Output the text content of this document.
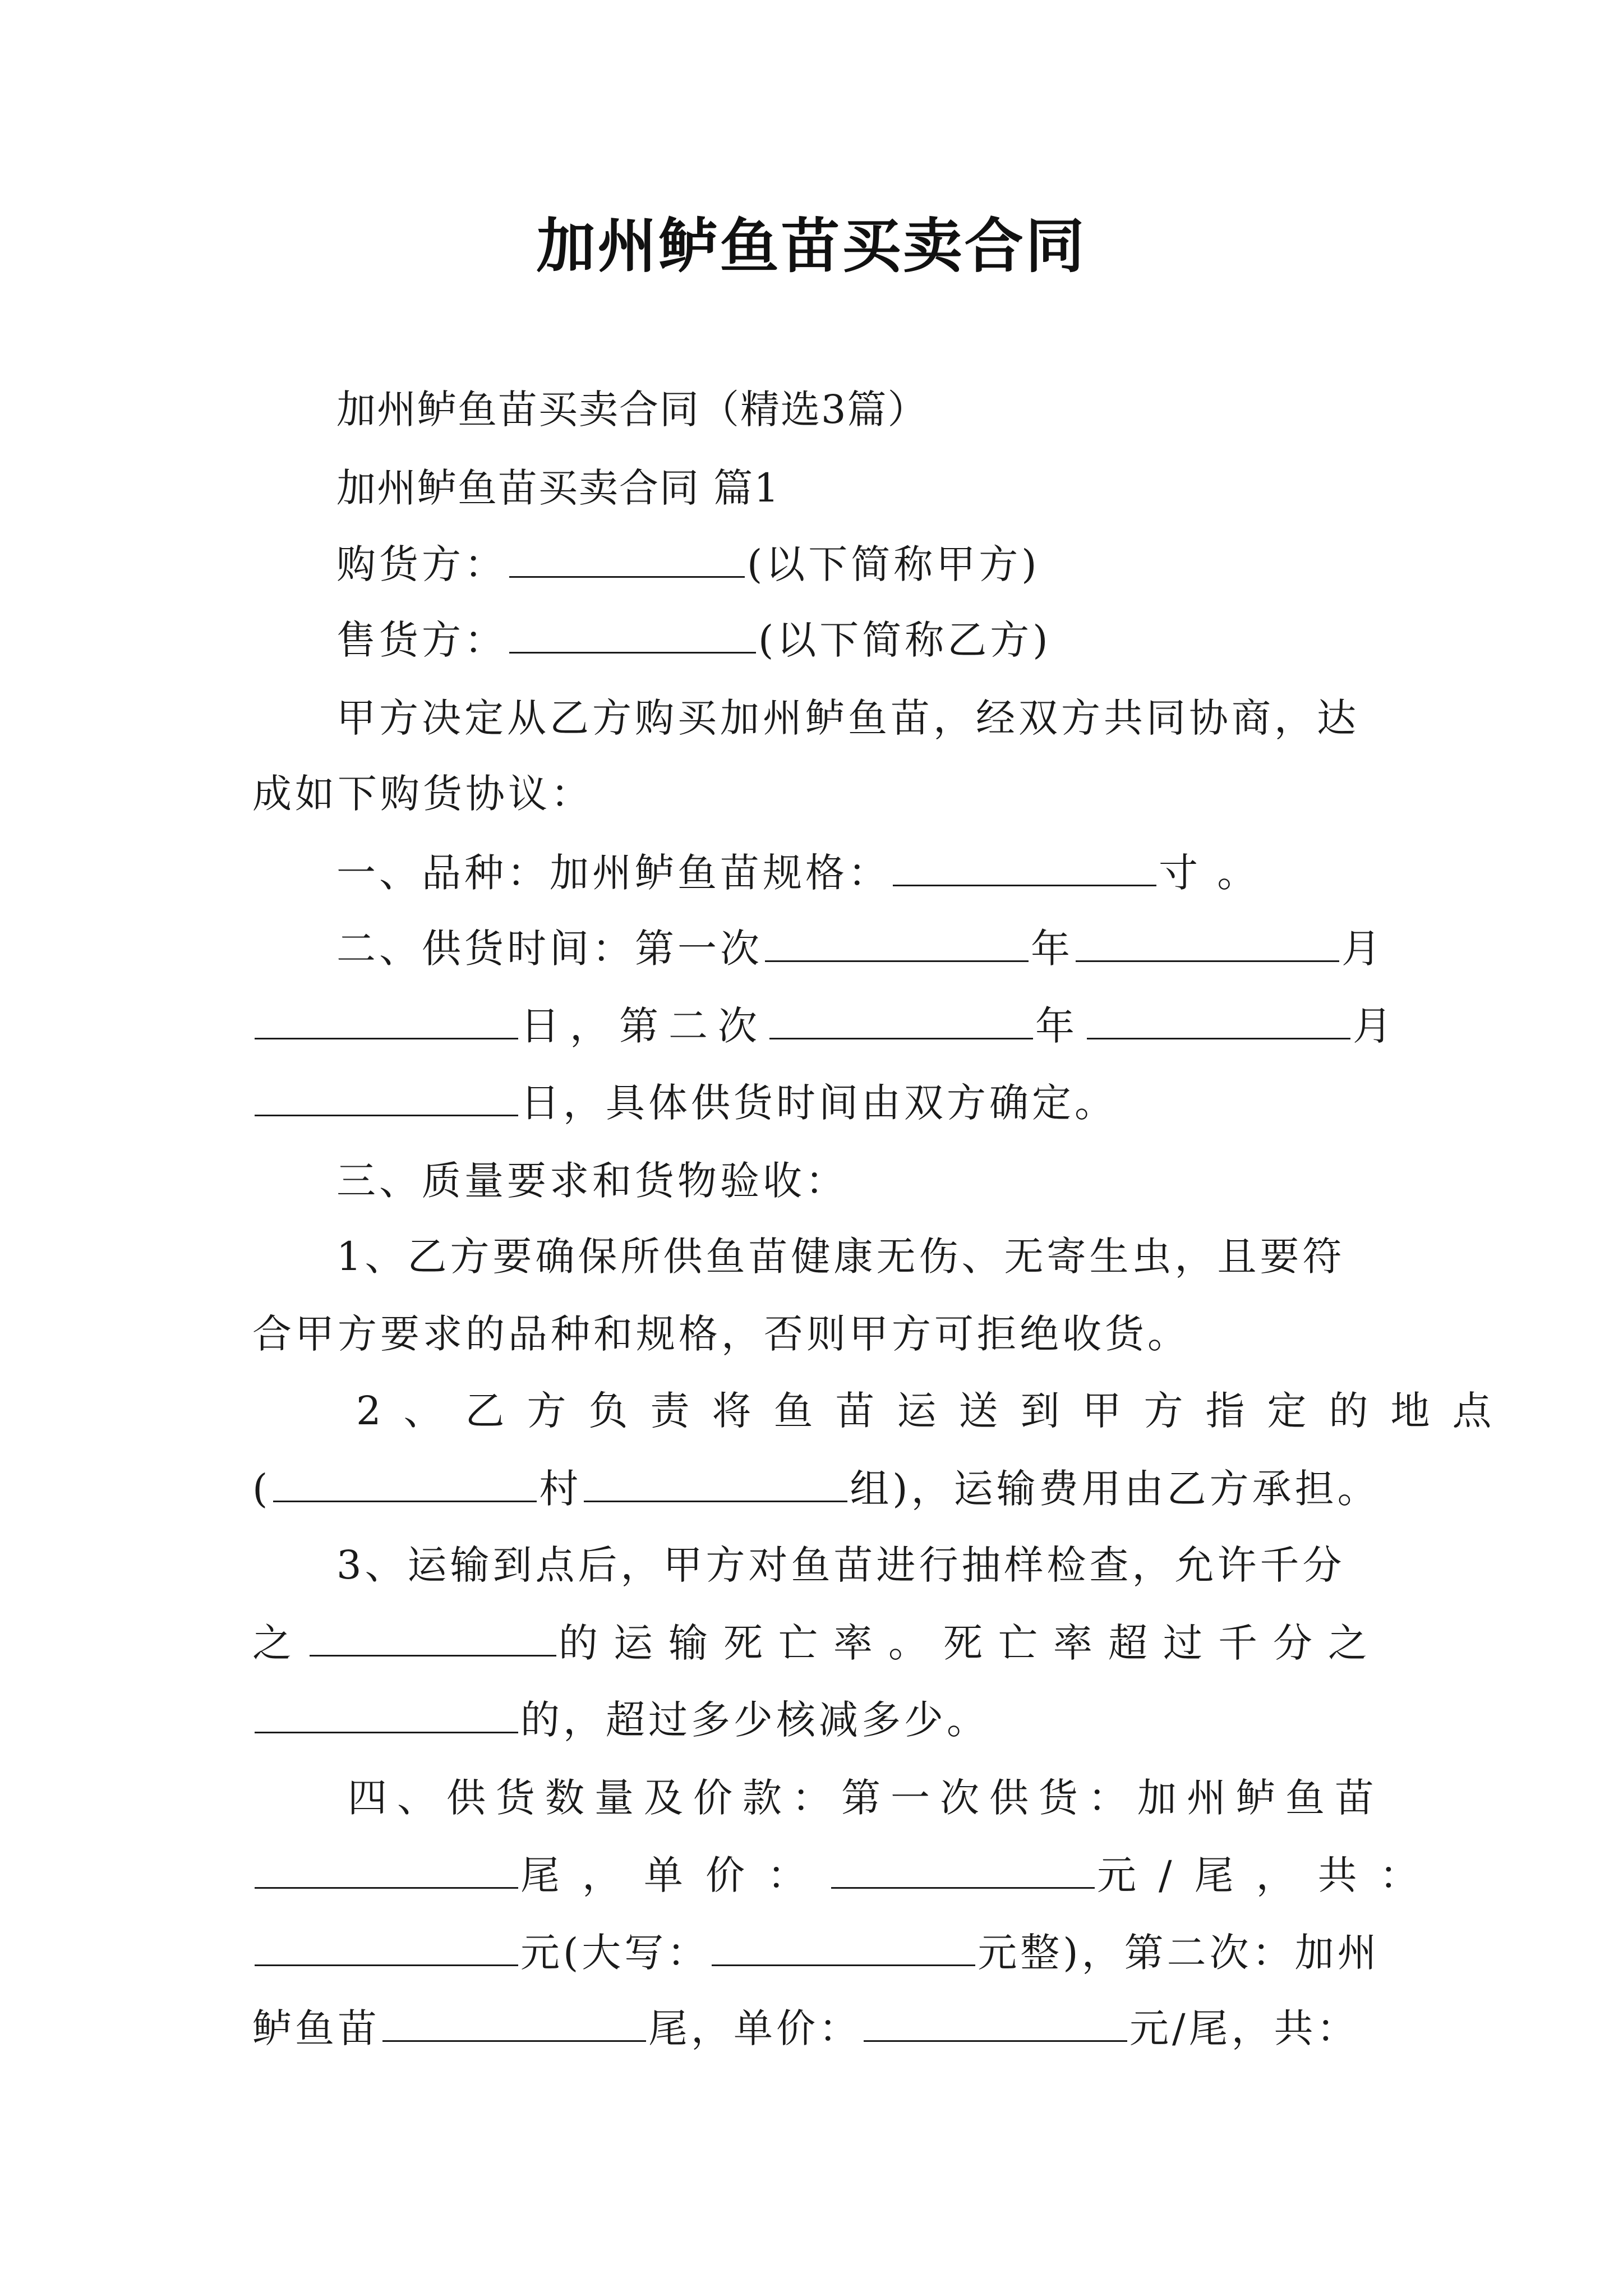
加州鲈鱼苗买卖合同
加州鲈鱼苗买卖合同（精选3篇）
加州鲈鱼苗买卖合同 篇1
购货方：	(以下简称甲方)
售货方：	(以下简称乙方)
甲方决定从乙方购买加州鲈鱼苗，经双方共同协商，达
成如下购货协议：
一、品种：加州鲈鱼苗规格：	寸 。
二、供货时间：第一次	年	月
日，第二次	年	月
日，具体供货时间由双方确定。
三、质量要求和货物验收：
1、乙方要确保所供鱼苗健康无伤、无寄生虫，且要符
合甲方要求的品种和规格，否则甲方可拒绝收货。
2、乙方负责将鱼苗运送到甲方指定的地点
(	村	组)，运输费用由乙方承担。
3、运输到点后，甲方对鱼苗进行抽样检查，允许千分
之	的运输死亡率。死亡率超过千分之
的，超过多少核减多少。
四、供货数量及价款：第一次供货：加州鲈鱼苗
尾，单价：	元/尾，共：
元(大写：	元整)，第二次：加州
鲈鱼苗	尾，单价：	元/尾，共：
